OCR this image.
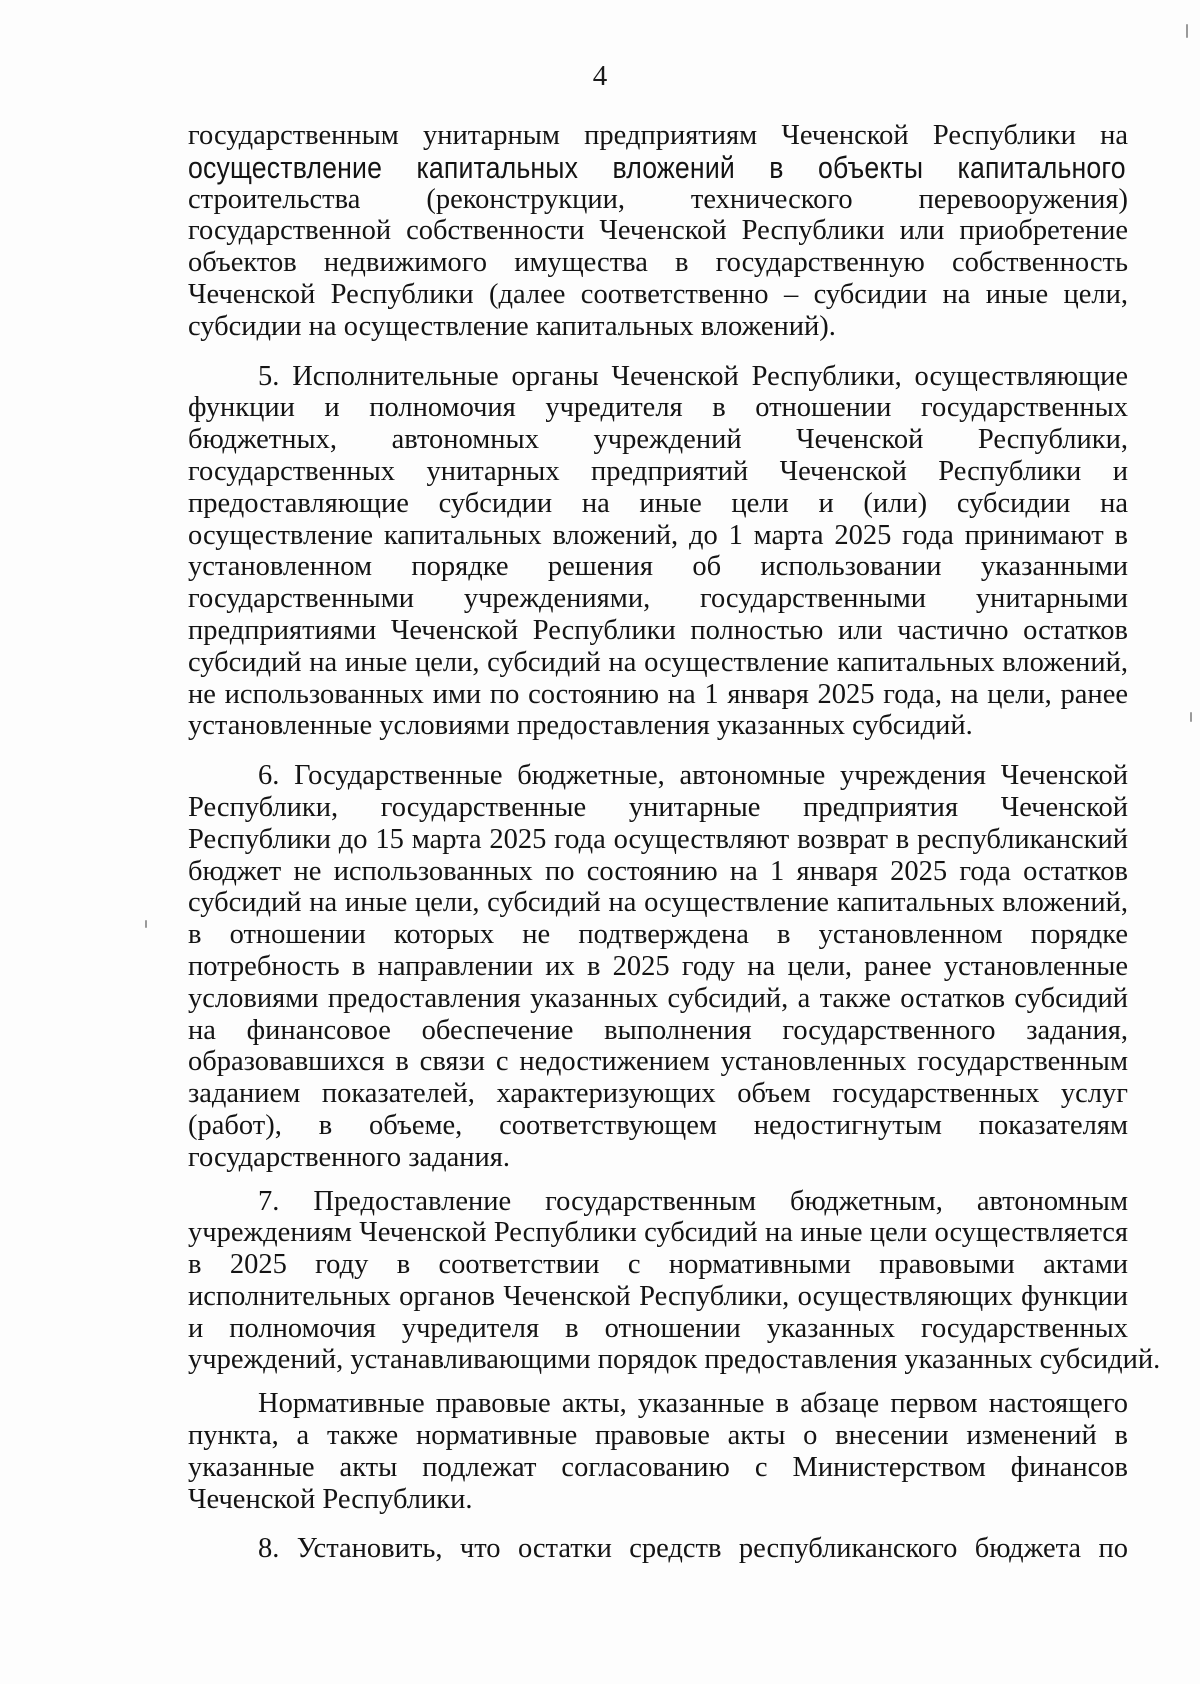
4
государственным унитарным предприятиям Чеченской Республики на
осуществление капитальных вложений в объекты капитального
строительства (реконструкции, технического перевооружения)
государственной собственности Чеченской Республики или приобретение
объектов недвижимого имущества в государственную собственность
Чеченской Республики (далее соответственно – субсидии на иные цели,
субсидии на осуществление капитальных вложений).
5. Исполнительные органы Чеченской Республики, осуществляющие
функции и полномочия учредителя в отношении государственных
бюджетных, автономных учреждений Чеченской Республики,
государственных унитарных предприятий Чеченской Республики и
предоставляющие субсидии на иные цели и (или) субсидии на
осуществление капитальных вложений, до 1 марта 2025 года принимают в
установленном порядке решения об использовании указанными
государственными учреждениями, государственными унитарными
предприятиями Чеченской Республики полностью или частично остатков
субсидий на иные цели, субсидий на осуществление капитальных вложений,
не использованных ими по состоянию на 1 января 2025 года, на цели, ранее
установленные условиями предоставления указанных субсидий.
6. Государственные бюджетные, автономные учреждения Чеченской
Республики, государственные унитарные предприятия Чеченской
Республики до 15 марта 2025 года осуществляют возврат в республиканский
бюджет не использованных по состоянию на 1 января 2025 года остатков
субсидий на иные цели, субсидий на осуществление капитальных вложений,
в отношении которых не подтверждена в установленном порядке
потребность в направлении их в 2025 году на цели, ранее установленные
условиями предоставления указанных субсидий, а также остатков субсидий
на финансовое обеспечение выполнения государственного задания,
образовавшихся в связи с недостижением установленных государственным
заданием показателей, характеризующих объем государственных услуг
(работ), в объеме, соответствующем недостигнутым показателям
государственного задания.
7. Предоставление государственным бюджетным, автономным
учреждениям Чеченской Республики субсидий на иные цели осуществляется
в 2025 году в соответствии с нормативными правовыми актами
исполнительных органов Чеченской Республики, осуществляющих функции
и полномочия учредителя в отношении указанных государственных
учреждений, устанавливающими порядок предоставления указанных субсидий.
Нормативные правовые акты, указанные в абзаце первом настоящего
пункта, а также нормативные правовые акты о внесении изменений в
указанные акты подлежат согласованию с Министерством финансов
Чеченской Республики.
8. Установить, что остатки средств республиканского бюджета по
